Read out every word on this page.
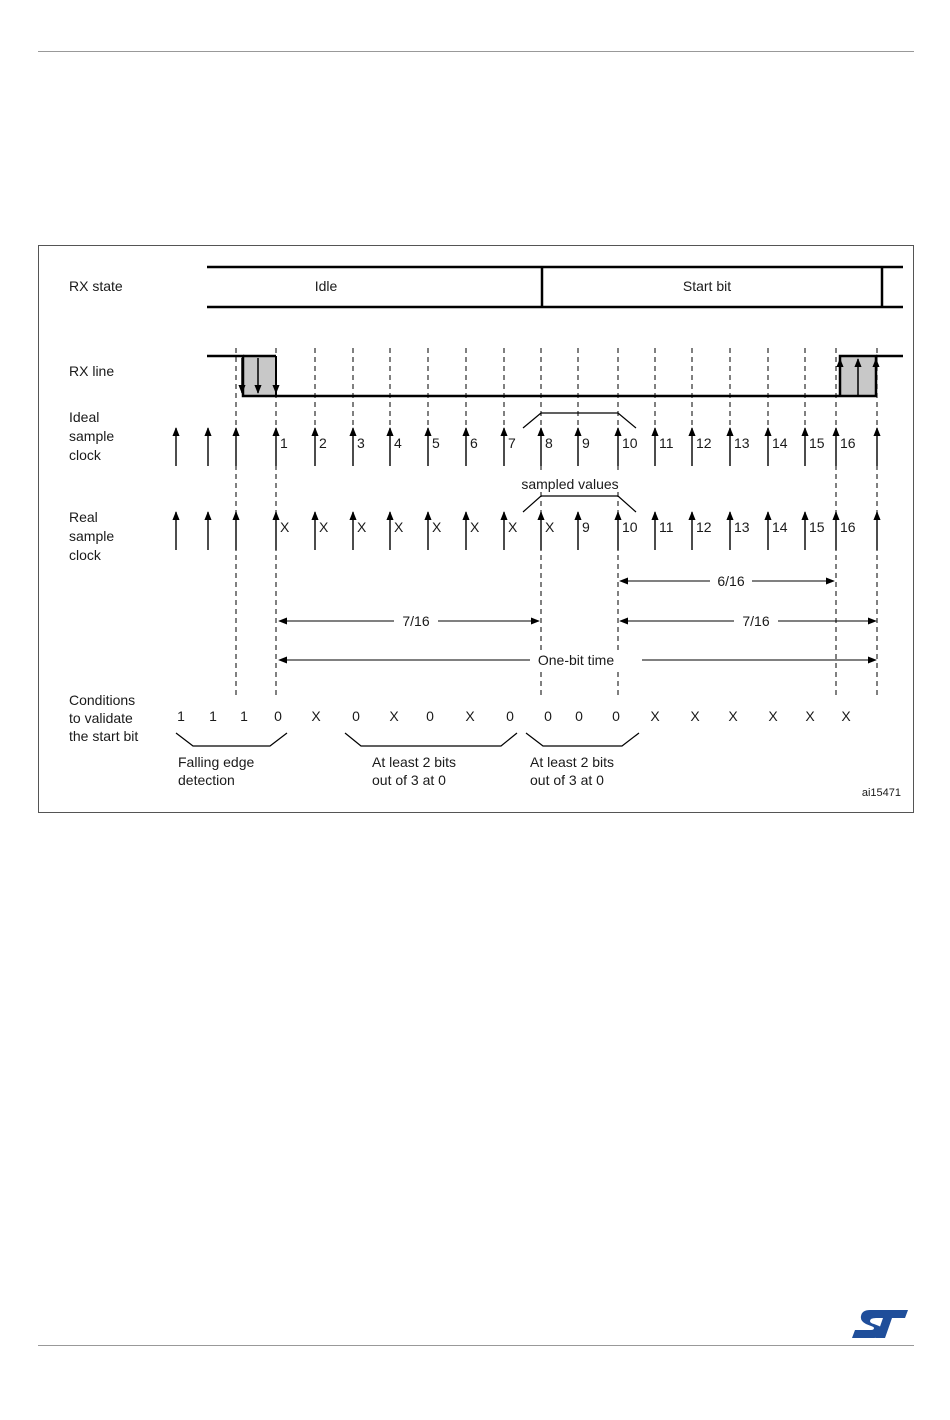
RX state
RX line
Ideal sample clock
Real sample clock
Conditions to validate the start bit
Idle	Start bit
1 2 3 4 5 6 7 8 9 10 11 12 13 14 15 16
X X X X X X X X 9 10 11 12 13 14 15 16
sampled values
6/16
7/16	7/16
One-bit time
1 1 1 0 X 0 X 0 X 0 0 0 0 X X X X X X
Falling edge detection
At least 2 bits out of 3 at 0
At least 2 bits out of 3 at 0
ai15471
